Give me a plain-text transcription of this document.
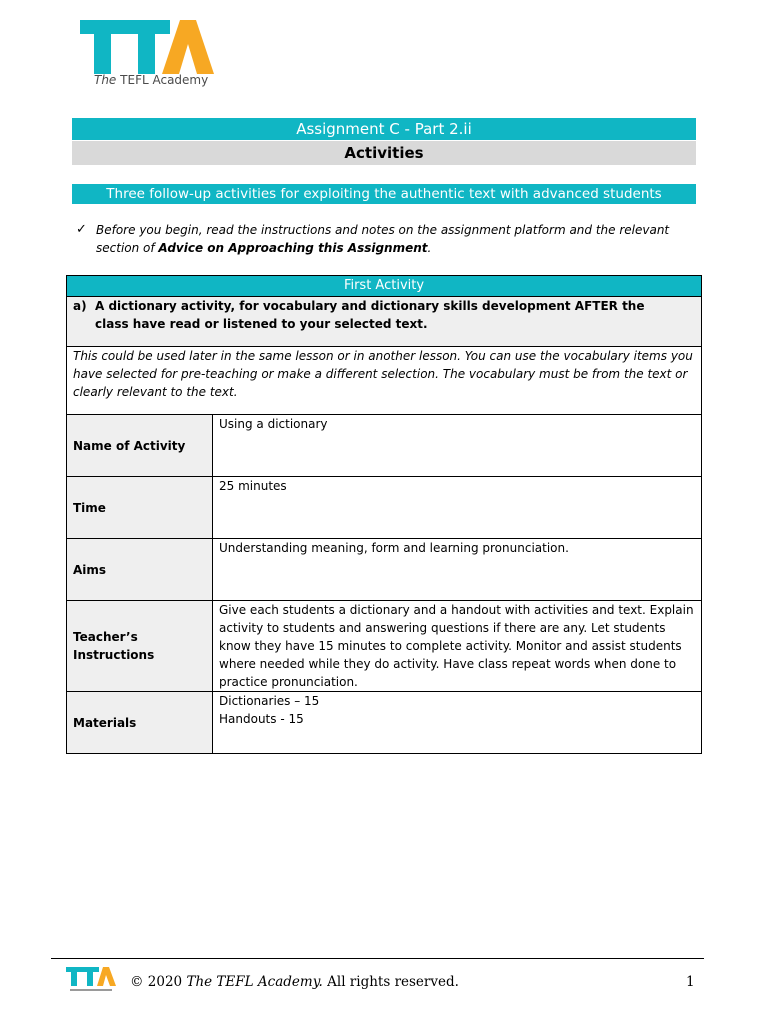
The TEFL Academy
Assignment C - Part 2.ii
Activities
Three follow-up activities for exploiting the authentic text with advanced students
✓ Before you begin, read the instructions and notes on the assignment platform and the relevant section of Advice on Approaching this Assignment.
First Activity	
a) A dictionary activity, for vocabulary and dictionary skills development AFTER the class have read or listened to your selected text.	
This could be used later in the same lesson or in another lesson. You can use the vocabulary items you have selected for pre-teaching or make a different selection. The vocabulary must be from the text or clearly relevant to the text.	
Name of Activity	Using a dictionary
Time	25 minutes
Aims	Understanding meaning, form and learning pronunciation.
Teacher’s Instructions	Give each students a dictionary and a handout with activities and text. Explain activity to students and answering questions if there are any. Let students know they have 15 minutes to complete activity. Monitor and assist students where needed while they do activity. Have class repeat words when done to practice pronunciation.
Materials	Dictionaries – 15
Handouts - 15
© 2020 The TEFL Academy. All rights reserved.	1
